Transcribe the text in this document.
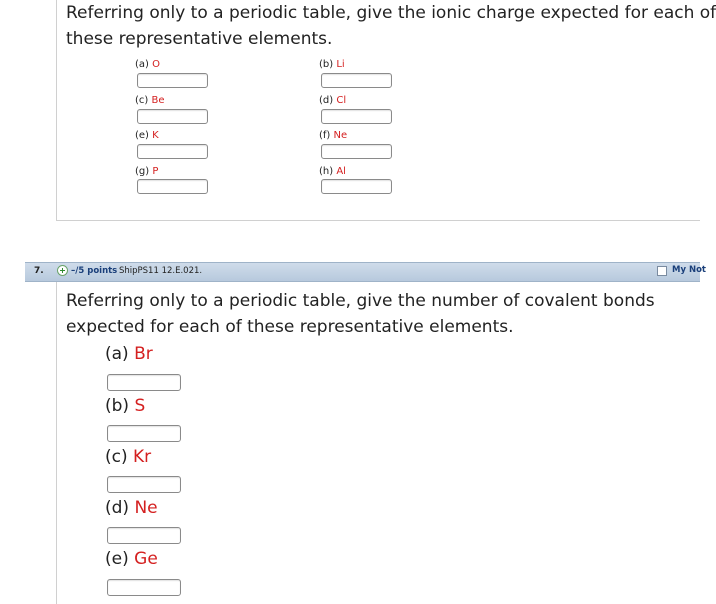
Referring only to a periodic table, give the ionic charge expected for each of
these representative elements.
(a) O	(b) Li
(c) Be	(d) Cl
(e) K	(f) Ne
(g) P	(h) Al
7.	–/5 points ShipPS11 12.E.021.	My Not
Referring only to a periodic table, give the number of covalent bonds
expected for each of these representative elements.
(a) Br
(b) S
(c) Kr
(d) Ne
(e) Ge
